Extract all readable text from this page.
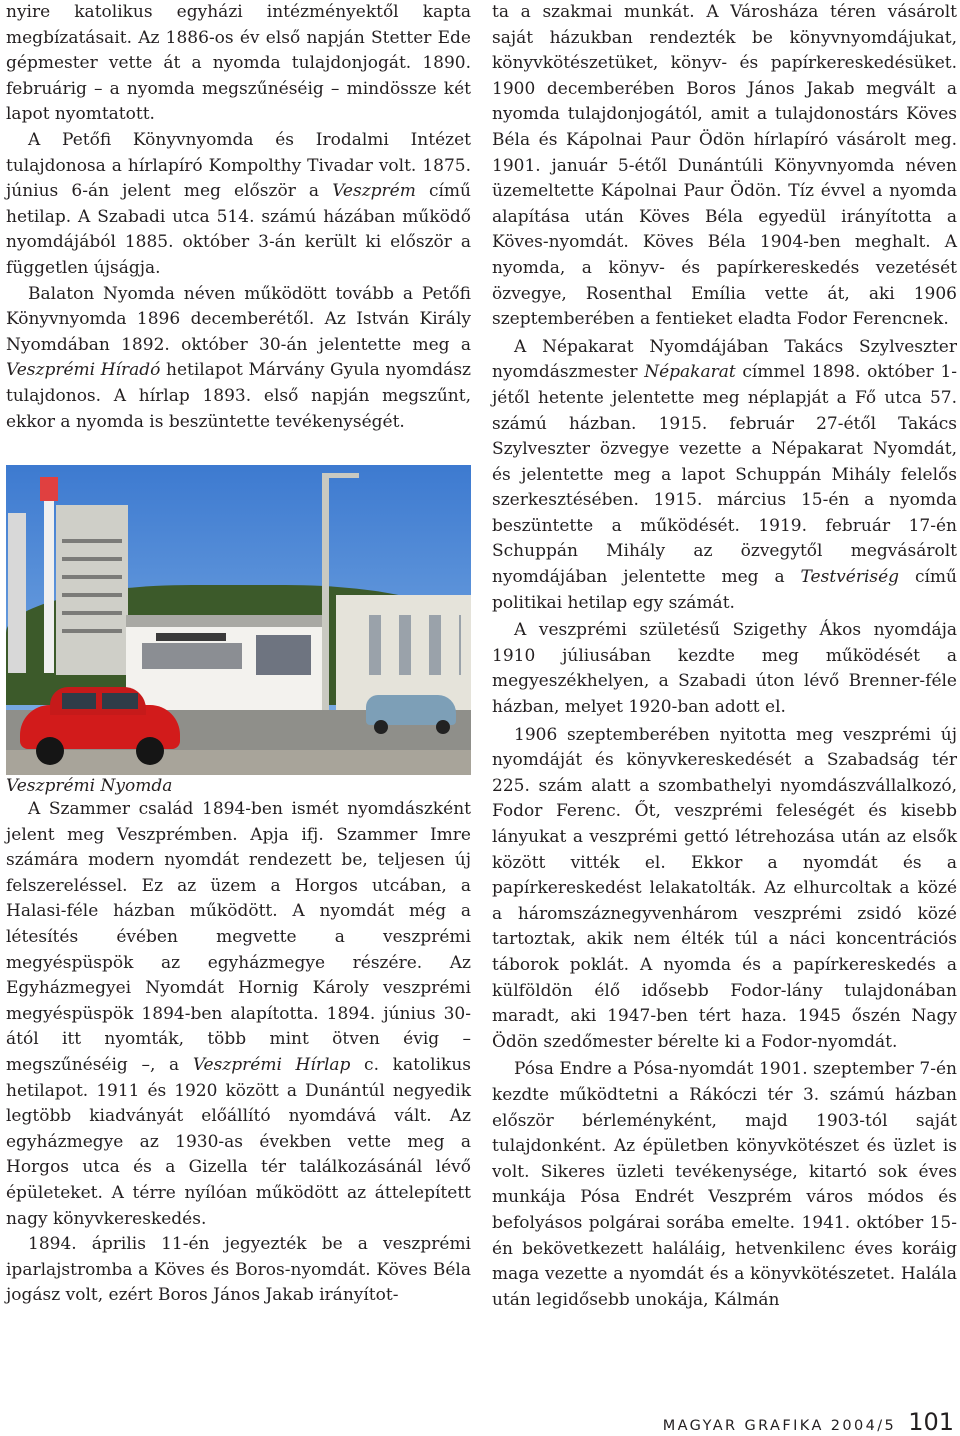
nyire katolikus egyházi intézményektől kapta megbízatásait. Az 1886-os év első napján Stetter Ede gépmester vette át a nyomda tulajdonjogát. 1890. februárig – a nyomda megszűnéséig – mindössze két lapot nyomtatott.

A Petőfi Könyvnyomda és Irodalmi Intézet tulajdonosa a hírlapíró Kompolthy Tivadar volt. 1875. június 6-án jelent meg először a Veszprém című hetilap. A Szabadi utca 514. számú házában működő nyomdájából 1885. október 3-án került ki először a független újságja.

Balaton Nyomda néven működött tovább a Petőfi Könyvnyomda 1896 decemberétől. Az István Király Nyomdában 1892. október 30-án jelentette meg a Veszprémi Híradó hetilapot Márvány Gyula nyomdász tulajdonos. A hírlap 1893. első napján megszűnt, ekkor a nyomda is beszüntette tevékenységét.

Veszprémi Nyomda

A Szammer család 1894-ben ismét nyomdászként jelent meg Veszprémben. Apja ifj. Szammer Imre számára modern nyomdát rendezett be, teljesen új felszereléssel. Ez az üzem a Horgos utcában, a Halasi-féle házban működött. A nyomdát még a létesítés évében megvette a veszprémi megyéspüspök az egyházmegye részére. Az Egyházmegyei Nyomdát Hornig Károly veszprémi megyéspüspök 1894-ben alapította. 1894. június 30-ától itt nyomták, több mint ötven évig – megszűnéséig –, a Veszprémi Hírlap c. katolikus hetilapot. 1911 és 1920 között a Dunántúl negyedik legtöbb kiadványát előállító nyomdává vált. Az egyházmegye az 1930-as években vette meg a Horgos utca és a Gizella tér találkozásánál lévő épületeket. A térre nyílóan működött az áttelepített nagy könyvkereskedés.

1894. április 11-én jegyezték be a veszprémi iparlajstromba a Köves és Boros-nyomdát. Köves Béla jogász volt, ezért Boros János Jakab irányítot-

ta a szakmai munkát. A Városháza téren vásárolt saját házukban rendezték be könyvnyomdájukat, könyvkötészetüket, könyv- és papírkereskedésüket. 1900 decemberében Boros János Jakab megvált a nyomda tulajdonjogától, amit a tulajdonostárs Köves Béla és Kápolnai Paur Ödön hírlapíró vásárolt meg. 1901. január 5-étől Dunántúli Könyvnyomda néven üzemeltette Kápolnai Paur Ödön. Tíz évvel a nyomda alapítása után Köves Béla egyedül irányította a Köves-nyomdát. Köves Béla 1904-ben meghalt. A nyomda, a könyv- és papírkereskedés vezetését özvegye, Rosenthal Emília vette át, aki 1906 szeptemberében a fentieket eladta Fodor Ferencnek.

A Népakarat Nyomdájában Takács Szylveszter nyomdászmester Népakarat címmel 1898. október 1-jétől hetente jelentette meg néplapját a Fő utca 57. számú házban. 1915. február 27-étől Takács Szylveszter özvegye vezette a Népakarat Nyomdát, és jelentette meg a lapot Schuppán Mihály felelős szerkesztésében. 1915. március 15-én a nyomda beszüntette a működését. 1919. február 17-én Schuppán Mihály az özvegytől megvásárolt nyomdájában jelentette meg a Testvériség című politikai hetilap egy számát.

A veszprémi születésű Szigethy Ákos nyomdája 1910 júliusában kezdte meg működését a megyeszékhelyen, a Szabadi úton lévő Brenner-féle házban, melyet 1920-ban adott el.

1906 szeptemberében nyitotta meg veszprémi új nyomdáját és könyvkereskedését a Szabadság tér 225. szám alatt a szombathelyi nyomdászvállalkozó, Fodor Ferenc. Őt, veszprémi feleségét és kisebb lányukat a veszprémi gettó létrehozása után az elsők között vitték el. Ekkor a nyomdát és a papírkereskedést lelakatolták. Az elhurcoltak a közé a háromszáznegyvenhárom veszprémi zsidó közé tartoztak, akik nem élték túl a náci koncentrációs táborok poklát. A nyomda és a papírkereskedés a külföldön élő idősebb Fodor-lány tulajdonában maradt, aki 1947-ben tért haza. 1945 őszén Nagy Ödön szedőmester bérelte ki a Fodor-nyomdát.

Pósa Endre a Pósa-nyomdát 1901. szeptember 7-én kezdte működtetni a Rákóczi tér 3. számú házban először bérleményként, majd 1903-tól saját tulajdonként. Az épületben könyvkötészet és üzlet is volt. Sikeres üzleti tevékenysége, kitartó sok éves munkája Pósa Endrét Veszprém város módos és befolyásos polgárai sorába emelte. 1941. október 15-én bekövetkezett haláláig, hetvenkilenc éves koráig maga vezette a nyomdát és a könyvkötészetet. Halála után legidősebb unokája, Kálmán

MAGYAR GRAFIKA 2004/5 101
